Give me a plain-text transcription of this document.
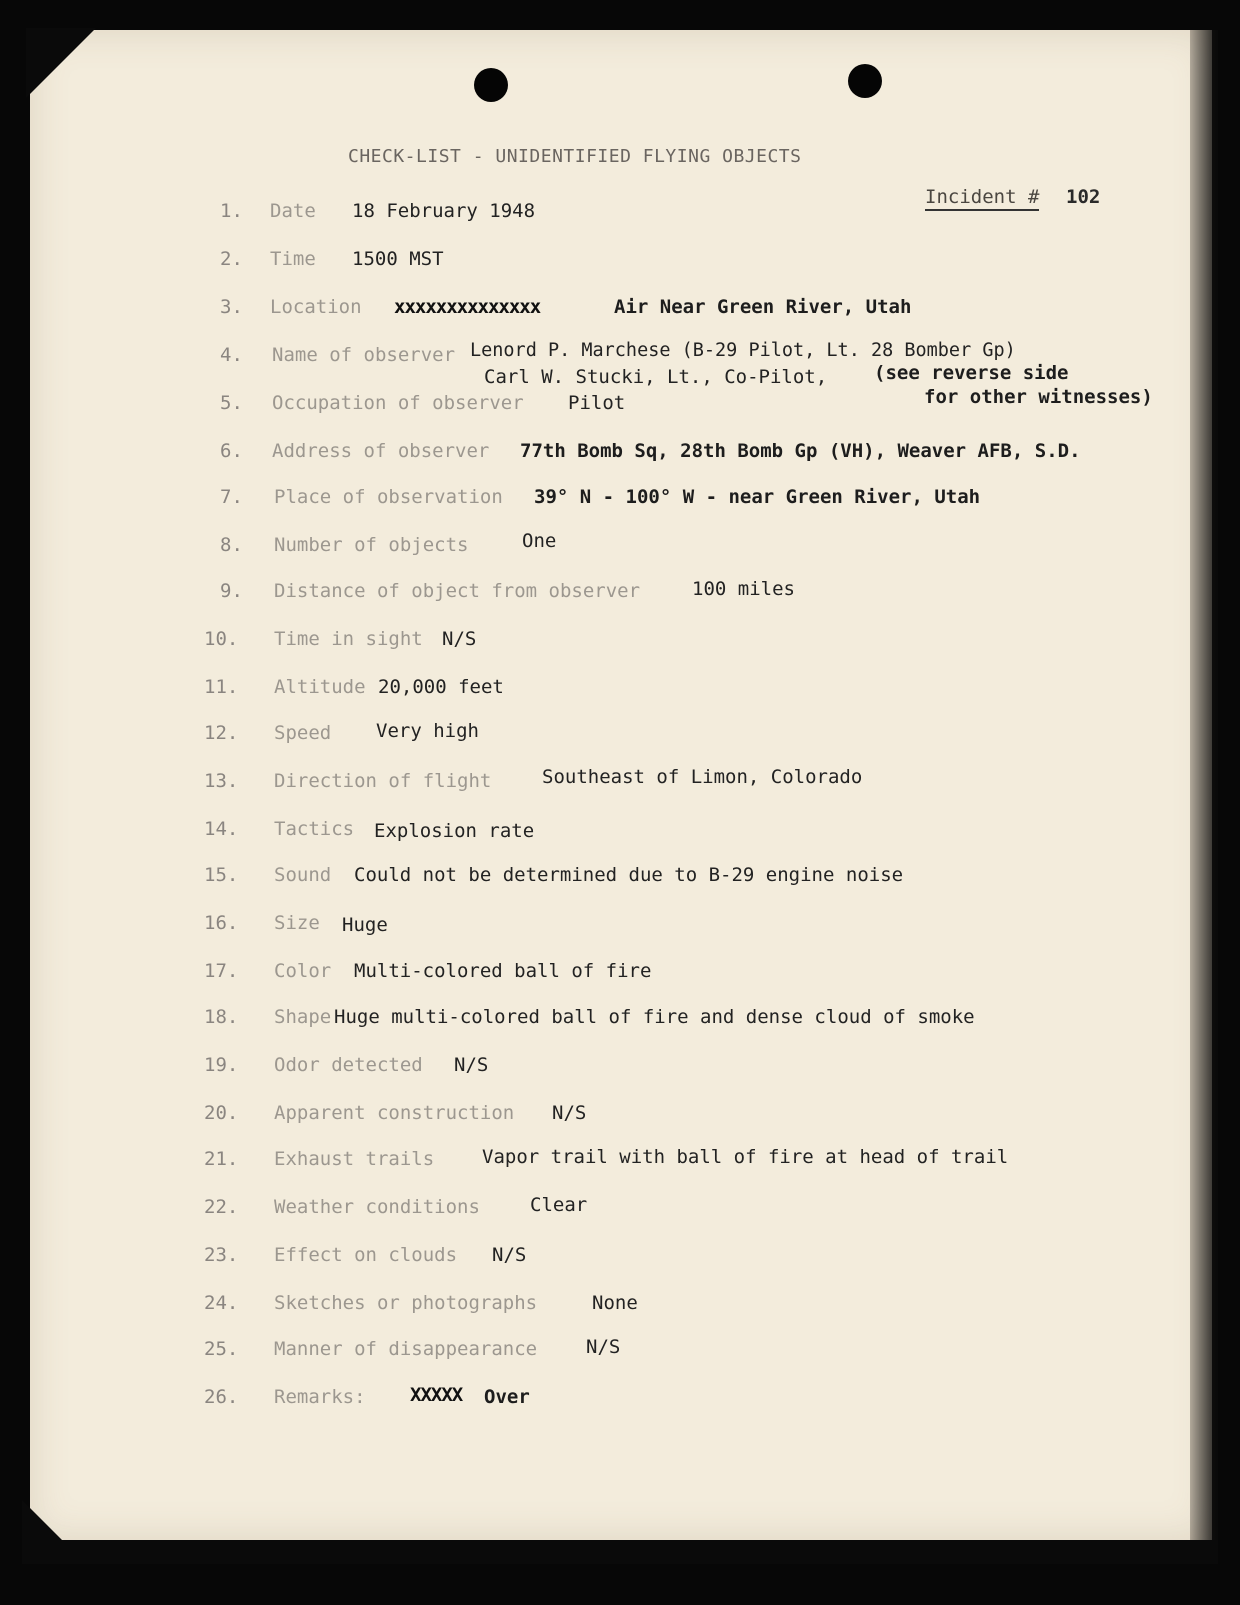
CHECK-LIST - UNIDENTIFIED FLYING OBJECTS
Incident # 102
1. Date 18 February 1948
2. Time 1500 MST
3. Location xxxxxxxxxxxxxx	Air Near Green River, Utah
4. Name of observer Lenord P. Marchese (B-29 Pilot, Lt. 28 Bomber Gp)
Carl W. Stucki, Lt., Co-Pilot, (see reverse side
for other witnesses)
5. Occupation of observer Pilot
6. Address of observer 77th Bomb Sq, 28th Bomb Gp (VH), Weaver AFB, S.D.
7. Place of observation 39° N - 100° W - near Green River, Utah
8. Number of objects	One
9. Distance of object from observer	100 miles
10. Time in sight N/S
11. Altitude 20,000 feet
12. Speed Very high
13. Direction of flight	Southeast of Limon, Colorado
14. Tactics Explosion rate
15. Sound Could not be determined due to B-29 engine noise
16. Size Huge
17. Color Multi-colored ball of fire
18. Shape Huge multi-colored ball of fire and dense cloud of smoke
19. Odor detected N/S
20. Apparent construction N/S
21. Exhaust trails	Vapor trail with ball of fire at head of trail
22. Weather conditions	Clear
23. Effect on clouds N/S
24. Sketches or photographs	None
25. Manner of disappearance	N/S
26. Remarks: XXXXX Over
